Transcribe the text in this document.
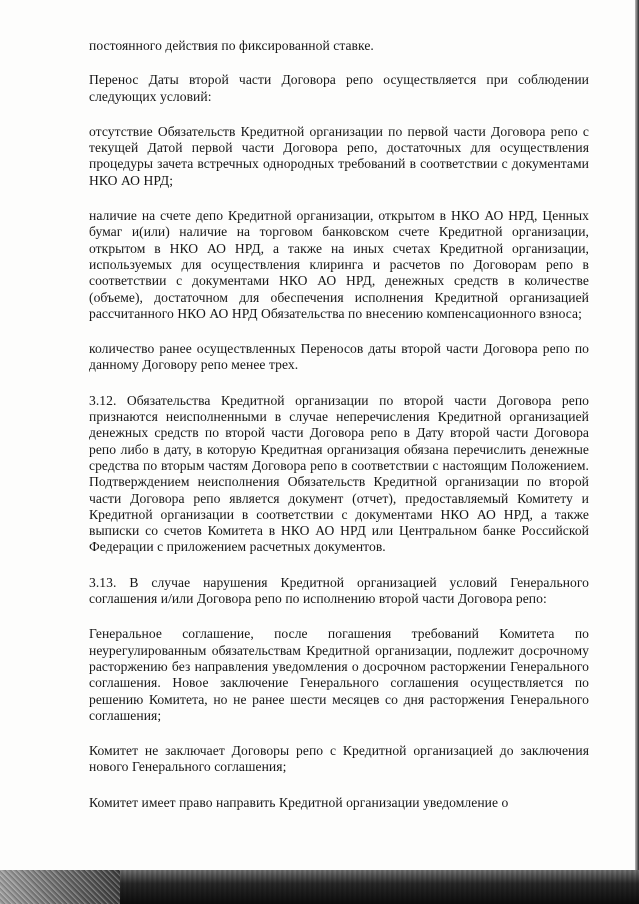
постоянного действия по фиксированной ставке.

Перенос Даты второй части Договора репо осуществляется при соблюдении следующих условий:

отсутствие Обязательств Кредитной организации по первой части Договора репо с текущей Датой первой части Договора репо, достаточных для осуществления процедуры зачета встречных однородных требований в соответствии с документами НКО АО НРД;

наличие на счете депо Кредитной организации, открытом в НКО АО НРД, Ценных бумаг и(или) наличие на торговом банковском счете Кредитной организации, открытом в НКО АО НРД, а также на иных счетах Кредитной организации, используемых для осуществления клиринга и расчетов по Договорам репо в соответствии с документами НКО АО НРД, денежных средств в количестве (объеме), достаточном для обеспечения исполнения Кредитной организацией рассчитанного НКО АО НРД Обязательства по внесению компенсационного взноса;

количество ранее осуществленных Переносов даты второй части Договора репо по данному Договору репо менее трех.

3.12. Обязательства Кредитной организации по второй части Договора репо признаются неисполненными в случае неперечисления Кредитной организацией денежных средств по второй части Договора репо в Дату второй части Договора репо либо в дату, в которую Кредитная организация обязана перечислить денежные средства по вторым частям Договора репо в соответствии с настоящим Положением. Подтверждением неисполнения Обязательств Кредитной организации по второй части Договора репо является документ (отчет), предоставляемый Комитету и Кредитной организации в соответствии с документами НКО АО НРД, а также выписки со счетов Комитета в НКО АО НРД или Центральном банке Российской Федерации с приложением расчетных документов.

3.13. В случае нарушения Кредитной организацией условий Генерального соглашения и/или Договора репо по исполнению второй части Договора репо:

Генеральное соглашение, после погашения требований Комитета по неурегулированным обязательствам Кредитной организации, подлежит досрочному расторжению без направления уведомления о досрочном расторжении Генерального соглашения. Новое заключение Генерального соглашения осуществляется по решению Комитета, но не ранее шести месяцев со дня расторжения Генерального соглашения;

Комитет не заключает Договоры репо с Кредитной организацией до заключения нового Генерального соглашения;

Комитет имеет право направить Кредитной организации уведомление о
